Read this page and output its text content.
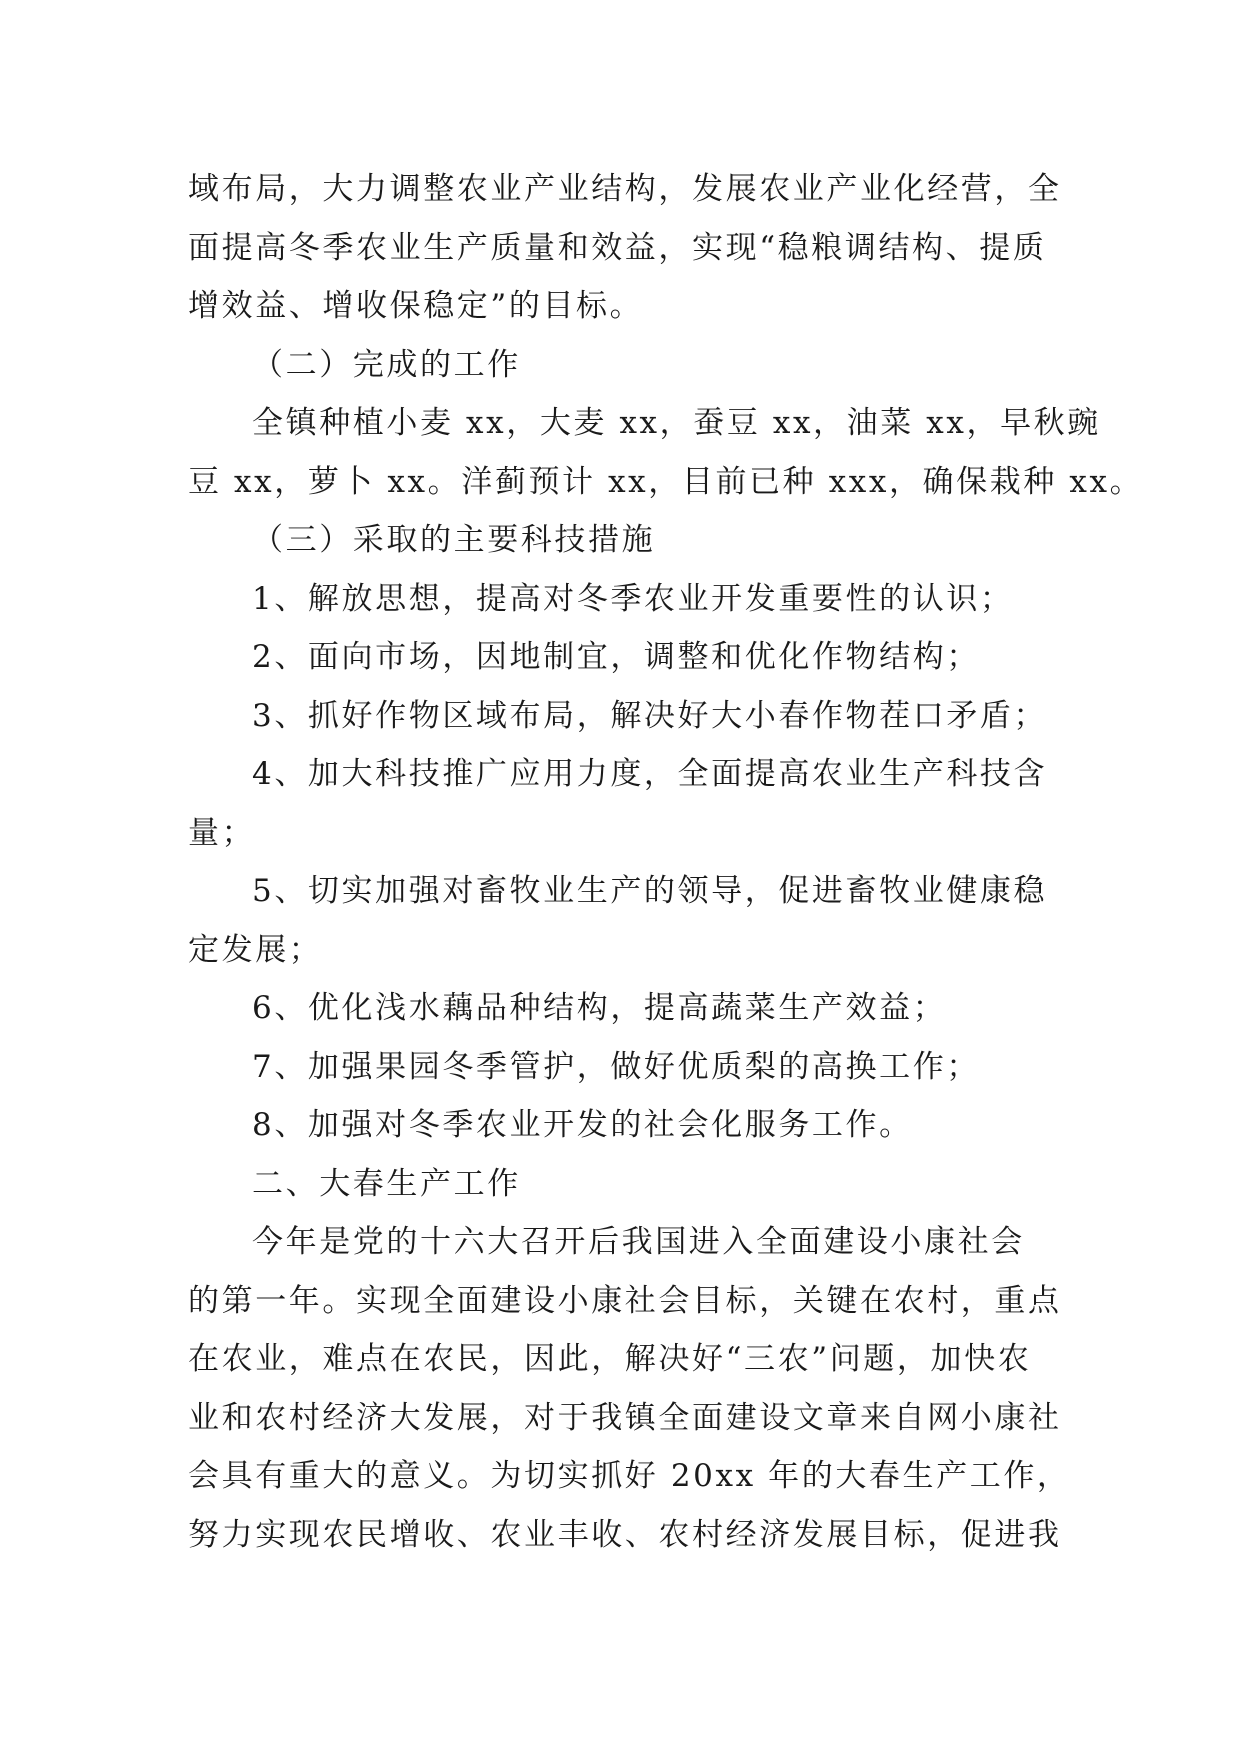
域布局，大力调整农业产业结构，发展农业产业化经营，全
面提高冬季农业生产质量和效益，实现“稳粮调结构、提质
增效益、增收保稳定”的目标。

（二）完成的工作

全镇种植小麦 xx，大麦 xx，蚕豆 xx，油菜 xx，早秋豌
豆 xx，萝卜 xx。洋蓟预计 xx，目前已种 xxx，确保栽种 xx。

（三）采取的主要科技措施

1、解放思想，提高对冬季农业开发重要性的认识；

2、面向市场，因地制宜，调整和优化作物结构；

3、抓好作物区域布局，解决好大小春作物茬口矛盾；

4、加大科技推广应用力度，全面提高农业生产科技含
量；

5、切实加强对畜牧业生产的领导，促进畜牧业健康稳
定发展；

6、优化浅水藕品种结构，提高蔬菜生产效益；

7、加强果园冬季管护，做好优质梨的高换工作；

8、加强对冬季农业开发的社会化服务工作。

二、大春生产工作

今年是党的十六大召开后我国进入全面建设小康社会
的第一年。实现全面建设小康社会目标，关键在农村，重点
在农业，难点在农民，因此，解决好“三农”问题，加快农
业和农村经济大发展，对于我镇全面建设文章来自网小康社
会具有重大的意义。为切实抓好 20xx 年的大春生产工作，
努力实现农民增收、农业丰收、农村经济发展目标，促进我
